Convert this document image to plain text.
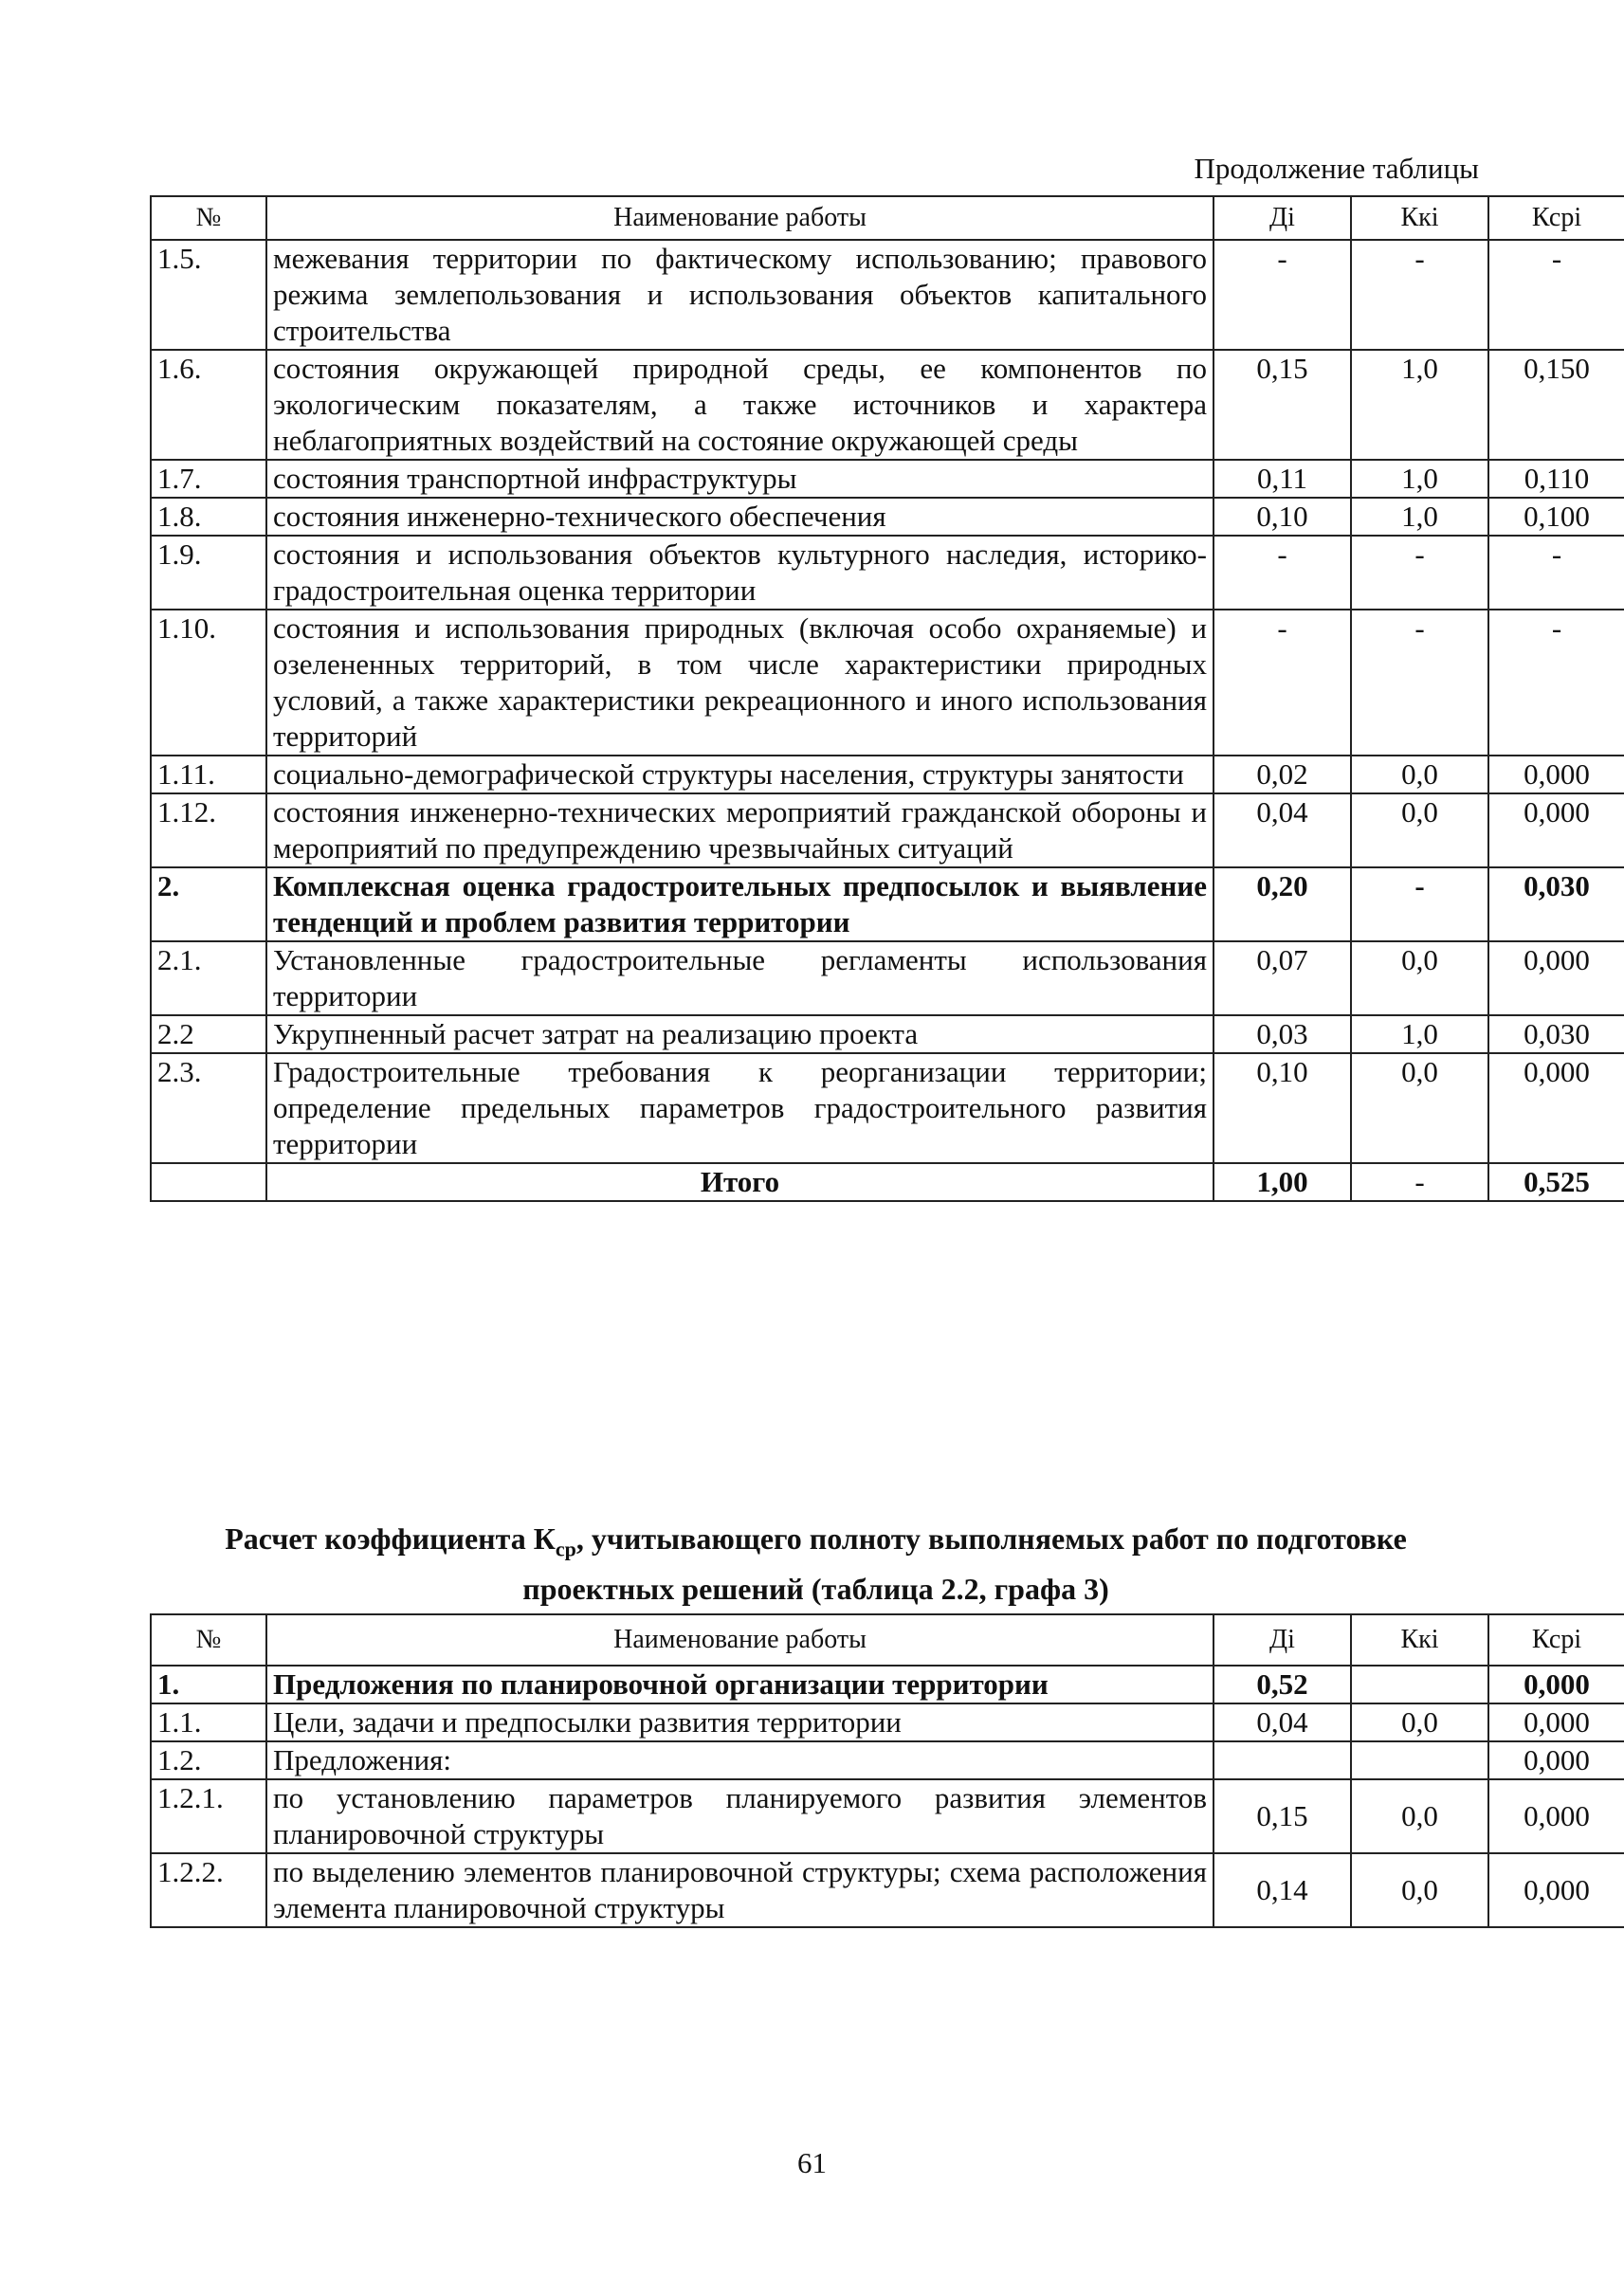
Продолжение таблицы
№	Наименование работы	Дi	Ккi	Ксрi
1.5.	межевания территории по фактическому использованию; правового режима землепользования и использования объектов капитального строительства	-	-	-
1.6.	состояния окружающей природной среды, ее компонентов по экологическим показателям, а также источников и характера неблагоприятных воздействий на состояние окружающей среды	0,15	1,0	0,150
1.7.	состояния транспортной инфраструктуры	0,11	1,0	0,110
1.8.	состояния инженерно-технического обеспечения	0,10	1,0	0,100
1.9.	состояния и использования объектов культурного наследия, историко-градостроительная оценка территории	-	-	-
1.10.	состояния и использования природных (включая особо охраняемые) и озелененных территорий, в том числе характеристики природных условий, а также характеристики рекреационного и иного использования территорий	-	-	-
1.11.	социально-демографической структуры населения, структуры занятости	0,02	0,0	0,000
1.12.	состояния инженерно-технических мероприятий гражданской обороны и мероприятий по предупреждению чрезвычайных ситуаций	0,04	0,0	0,000
2.	Комплексная оценка градостроительных предпосылок и выявление тенденций и проблем развития территории	0,20	-	0,030
2.1.	Установленные градостроительные регламенты использования территории	0,07	0,0	0,000
2.2	Укрупненный расчет затрат на реализацию проекта	0,03	1,0	0,030
2.3.	Градостроительные требования к реорганизации территории; определение предельных параметров градостроительного развития территории	0,10	0,0	0,000
	Итого	1,00	-	0,525
Расчет коэффициента $К_{ср}$, учитывающего полноту выполняемых работ по подготовке
проектных решений (таблица 2.2, графа 3)
№	Наименование работы	Дi	Ккi	Ксрi
1.	Предложения по планировочной организации территории	0,52		0,000
1.1.	Цели, задачи и предпосылки развития территории	0,04	0,0	0,000
1.2.	Предложения:			0,000
1.2.1.	по установлению параметров планируемого развития элементов планировочной структуры	0,15	0,0	0,000
1.2.2.	по выделению элементов планировочной структуры; схема расположения элемента планировочной структуры	0,14	0,0	0,000
61
